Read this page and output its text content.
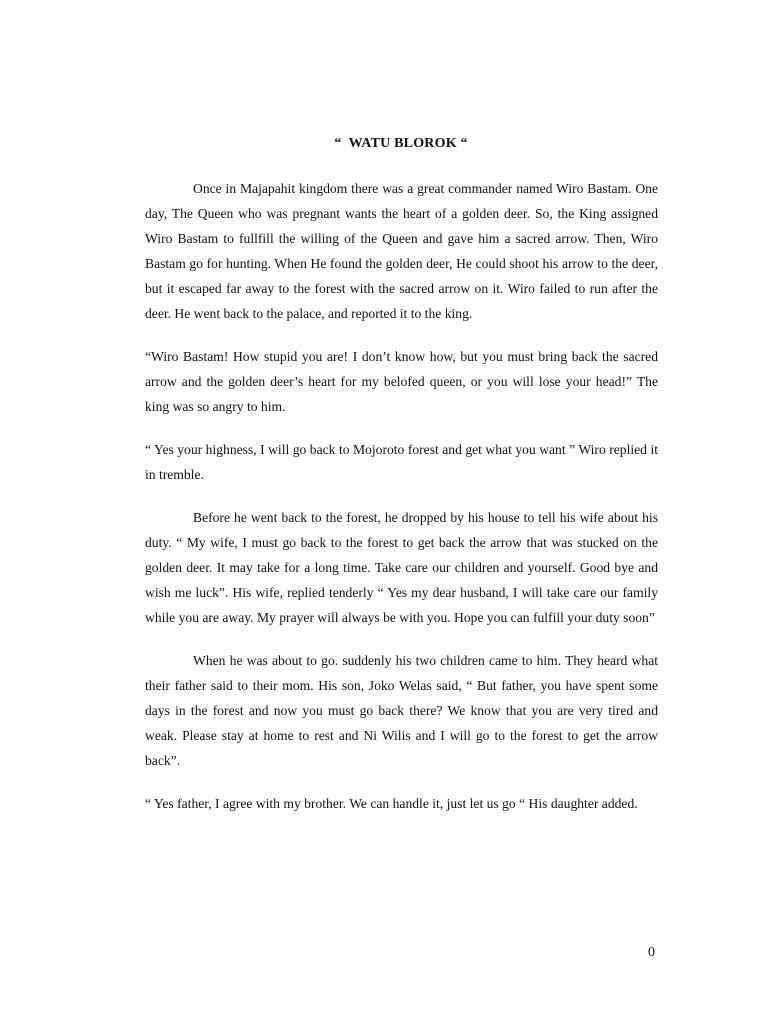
“  WATU BLOROK “

Once in Majapahit kingdom there was a great commander named Wiro Bastam. One day, The Queen who was pregnant wants the heart of a golden deer. So, the King assigned Wiro Bastam to fullfill the willing of the Queen and gave him a sacred arrow. Then, Wiro Bastam go for hunting. When He found the golden deer, He could shoot his arrow to the deer, but it escaped far away to the forest with the sacred arrow on it. Wiro failed to run after the deer. He went back to the palace, and reported it to the king.

“Wiro Bastam! How stupid you are! I don’t know how, but you must bring back the sacred arrow and the golden deer’s heart for my belofed queen, or you will lose your head!” The king was so angry to him.

“ Yes your highness, I will go back to Mojoroto forest and get what you want ” Wiro replied it in tremble.

Before he went back to the forest, he dropped by his house to tell his wife about his duty. “ My wife, I must go back to the forest to get back the arrow that was stucked on the golden deer. It may take for a long time. Take care our children and yourself. Good bye and wish me luck”. His wife, replied tenderly “ Yes my dear husband, I will take care our family while you are away. My prayer will always be with you. Hope you can fulfill your duty soon”

When he was about to go. suddenly his two children came to him. They heard what their father said to their mom. His son, Joko Welas said, “ But father, you have spent some days in the forest and now you must go back there? We know that you are very tired and weak. Please stay at home to rest and Ni Wilis and I will go to the forest to get the arrow back”.

“ Yes father, I agree with my brother. We can handle it, just let us go “ His daughter added.

0
